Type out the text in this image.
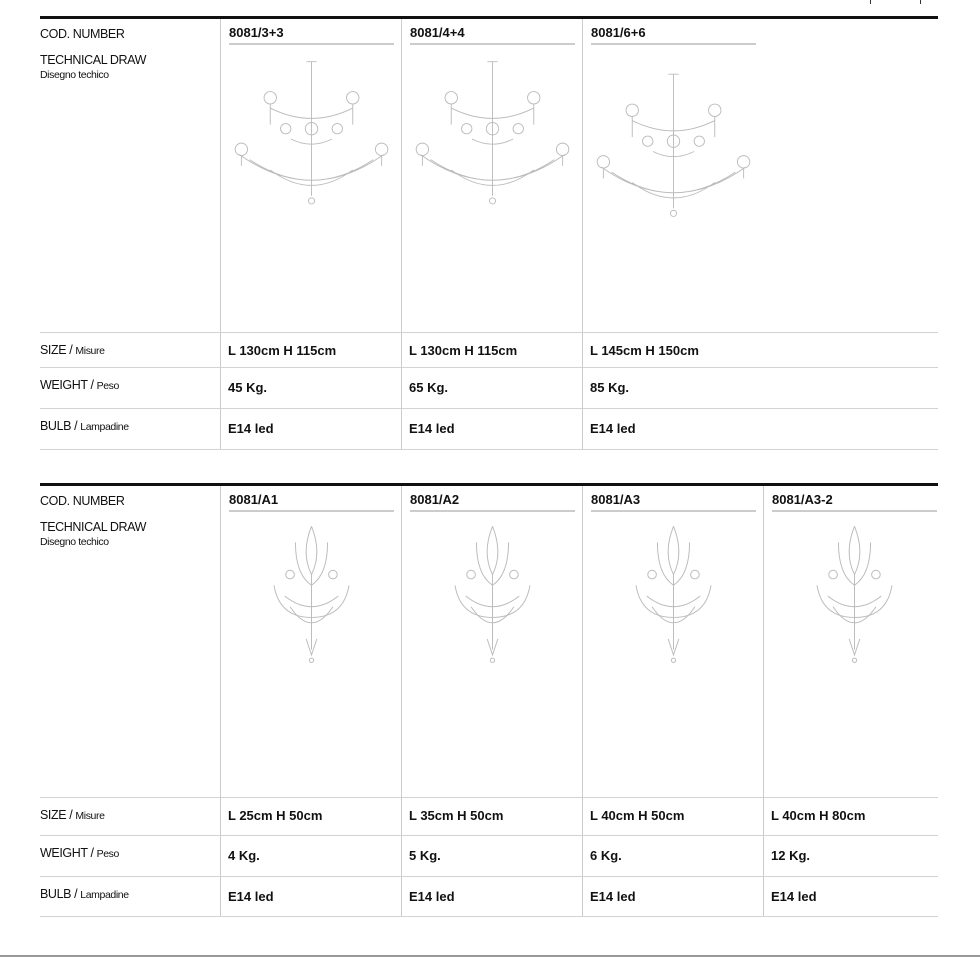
COD. NUMBER
TECHNICAL DRAW
Disegno techico
SIZE / Misure
WEIGHT / Peso
BULB / Lampadine
8081/3+3
L 130cm H 115cm
45 Kg.
E14 led
8081/4+4
L 130cm H 115cm
65 Kg.
E14 led
8081/6+6
L 145cm H 150cm
85 Kg.
E14 led
COD. NUMBER
TECHNICAL DRAW
Disegno techico
SIZE / Misure
WEIGHT / Peso
BULB / Lampadine
8081/A1
L 25cm H 50cm
4 Kg.
E14 led
8081/A2
L 35cm H 50cm
5 Kg.
E14 led
8081/A3
L 40cm H 50cm
6 Kg.
E14 led
8081/A3-2
L 40cm H 80cm
12 Kg.
E14 led
